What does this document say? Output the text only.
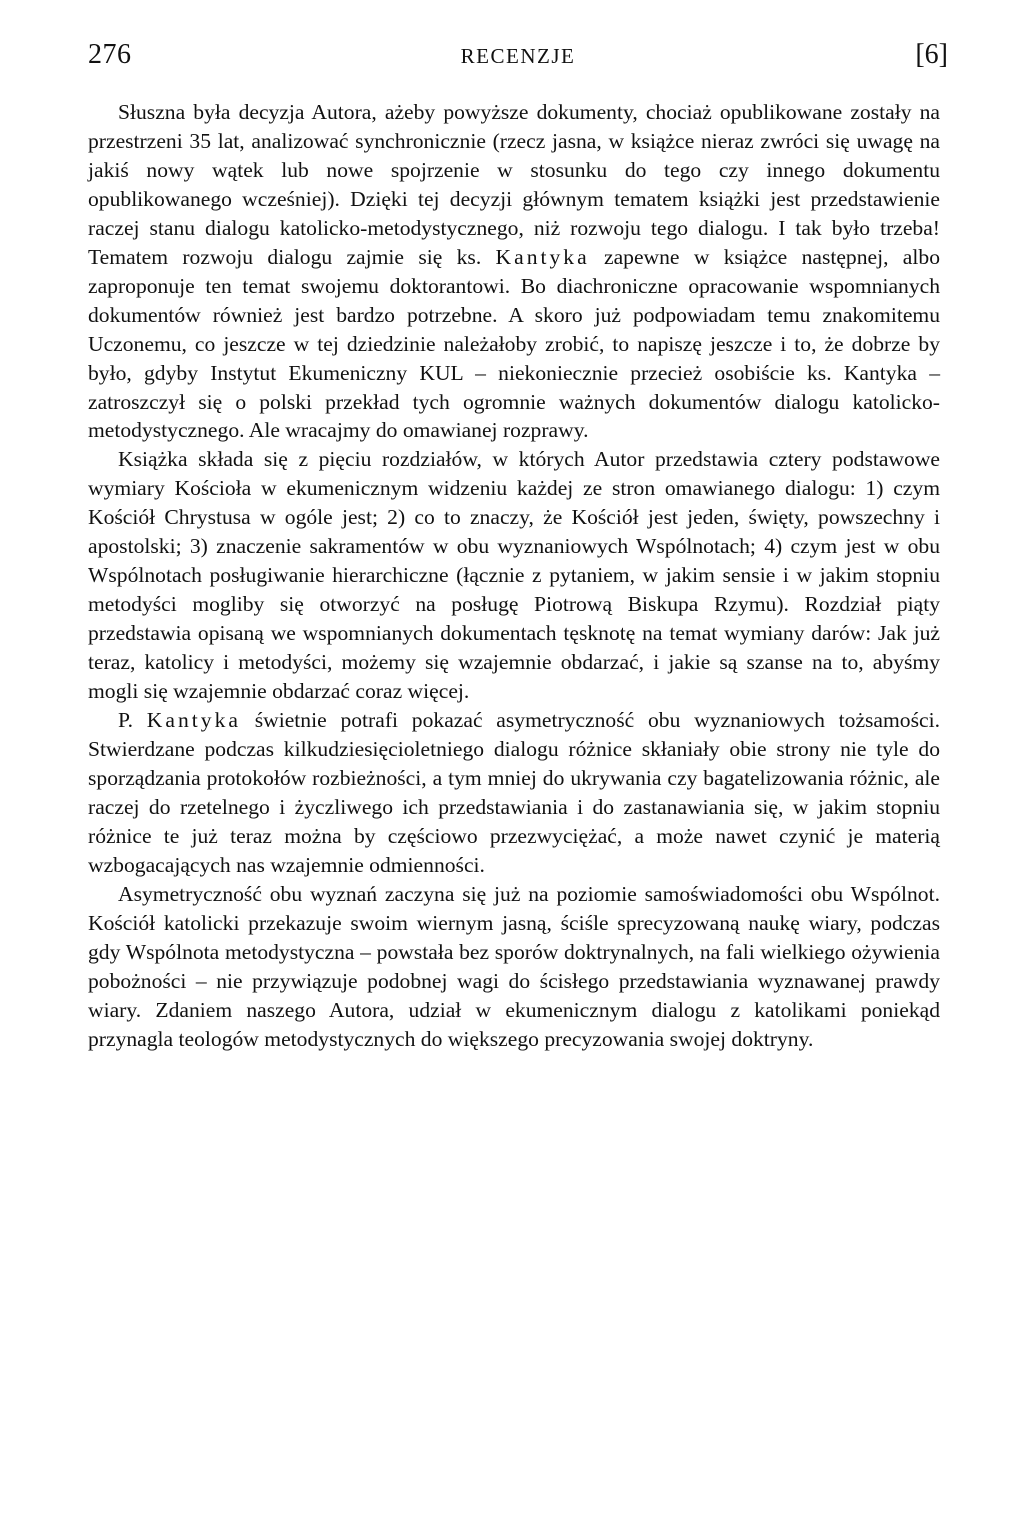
276	RECENZJE	[6]

Słuszna była decyzja Autora, ażeby powyższe dokumenty, chociaż opublikowane zostały na przestrzeni 35 lat, analizować synchronicznie (rzecz jasna, w książce nieraz zwróci się uwagę na jakiś nowy wątek lub nowe spojrzenie w stosunku do tego czy innego dokumentu opublikowanego wcześniej). Dzięki tej decyzji głównym tematem książki jest przedstawienie raczej stanu dialogu katolicko-metodystycznego, niż rozwoju tego dialogu. I tak było trzeba! Tematem rozwoju dialogu zajmie się ks. Kantyka zapewne w książce następnej, albo zaproponuje ten temat swojemu doktorantowi. Bo diachroniczne opracowanie wspomnianych dokumentów również jest bardzo potrzebne. A skoro już podpowiadam temu znakomitemu Uczonemu, co jeszcze w tej dziedzinie należałoby zrobić, to napiszę jeszcze i to, że dobrze by było, gdyby Instytut Ekumeniczny KUL – niekoniecznie przecież osobiście ks. Kantyka – zatroszczył się o polski przekład tych ogromnie ważnych dokumentów dialogu katolicko-metodystycznego. Ale wracajmy do omawianej rozprawy.

Książka składa się z pięciu rozdziałów, w których Autor przedstawia cztery podstawowe wymiary Kościoła w ekumenicznym widzeniu każdej ze stron omawianego dialogu: 1) czym Kościół Chrystusa w ogóle jest; 2) co to znaczy, że Kościół jest jeden, święty, powszechny i apostolski; 3) znaczenie sakramentów w obu wyznaniowych Wspólnotach; 4) czym jest w obu Wspólnotach posługiwanie hierarchiczne (łącznie z pytaniem, w jakim sensie i w jakim stopniu metodyści mogliby się otworzyć na posługę Piotrową Biskupa Rzymu). Rozdział piąty przedstawia opisaną we wspomnianych dokumentach tęsknotę na temat wymiany darów: Jak już teraz, katolicy i metodyści, możemy się wzajemnie obdarzać, i jakie są szanse na to, abyśmy mogli się wzajemnie obdarzać coraz więcej.

P. Kantyka świetnie potrafi pokazać asymetryczność obu wyznaniowych tożsamości. Stwierdzane podczas kilkudziesięcioletniego dialogu różnice skłaniały obie strony nie tyle do sporządzania protokołów rozbieżności, a tym mniej do ukrywania czy bagatelizowania różnic, ale raczej do rzetelnego i życzliwego ich przedstawiania i do zastanawiania się, w jakim stopniu różnice te już teraz można by częściowo przezwyciężać, a może nawet czynić je materią wzbogacających nas wzajemnie odmienności.

Asymetryczność obu wyznań zaczyna się już na poziomie samoświadomości obu Wspólnot. Kościół katolicki przekazuje swoim wiernym jasną, ściśle sprecyzowaną naukę wiary, podczas gdy Wspólnota metodystyczna – powstała bez sporów doktrynalnych, na fali wielkiego ożywienia pobożności – nie przywiązuje podobnej wagi do ścisłego przedstawiania wyznawanej prawdy wiary. Zdaniem naszego Autora, udział w ekumenicznym dialogu z katolikami poniekąd przynagla teologów metodystycznych do większego precyzowania swojej doktryny.
